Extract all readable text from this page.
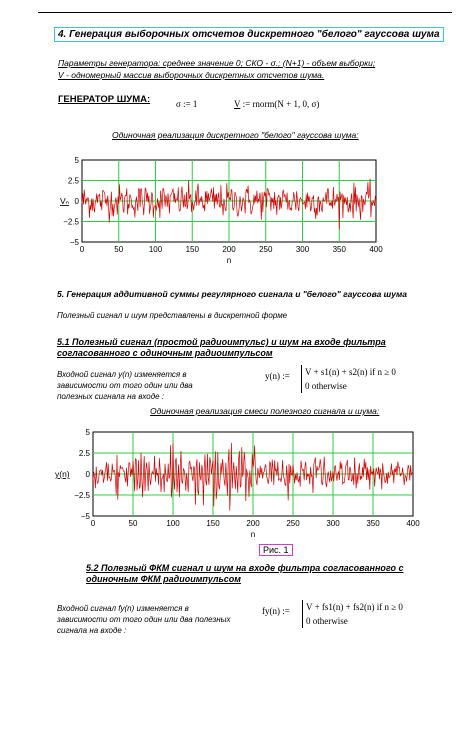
4. Генерация выборочных отсчетов дискретного "белого" гауссова шума
Параметры генератора: среднее значение 0; СКО - σ.; (N+1) - объем выборки;
V - одномерный массив выборочных дискретных отсчетов шума.
ГЕНЕРАТОР ШУМА:	σ := 1	V := rnorm(N + 1, 0, σ)
Одиночная реализация дискретного "белого" гауссова шума:
0	50	100	150	200	250	300	350	400
5
2.5
0
−2.5
−5
n
Vₙ
5. Генерация аддитивной суммы регулярного сигнала и "белого" гауссова шума
Полезный сигнал и шум представлены в дискретной форме
5.1 Полезный сигнал (простой радиоимпульс) и шум на входе фильтра согласованного с одиночным радиоимпульсом
Входной сигнал y(n) изменяется в зависимости от того один или два полезных сигнала на входе :
y(n) := V + s1(n) + s2(n) if n ≥ 0
0 otherwise
Одиночная реализация смеси полезного сигнала и шума:
0	50	100	150	200	250	300	350	400
5
2.5
0
−2.5
−5
n
y(n)
Рис. 1
5.2 Полезный ФКМ сигнал и шум на входе фильтра согласованного с одиночным ФКМ радиоимпульсом
Входной сигнал fy(n) изменяется в зависимости от того один или два полезных сигнала на входе :
fy(n) := V + fs1(n) + fs2(n) if n ≥ 0
0 otherwise
